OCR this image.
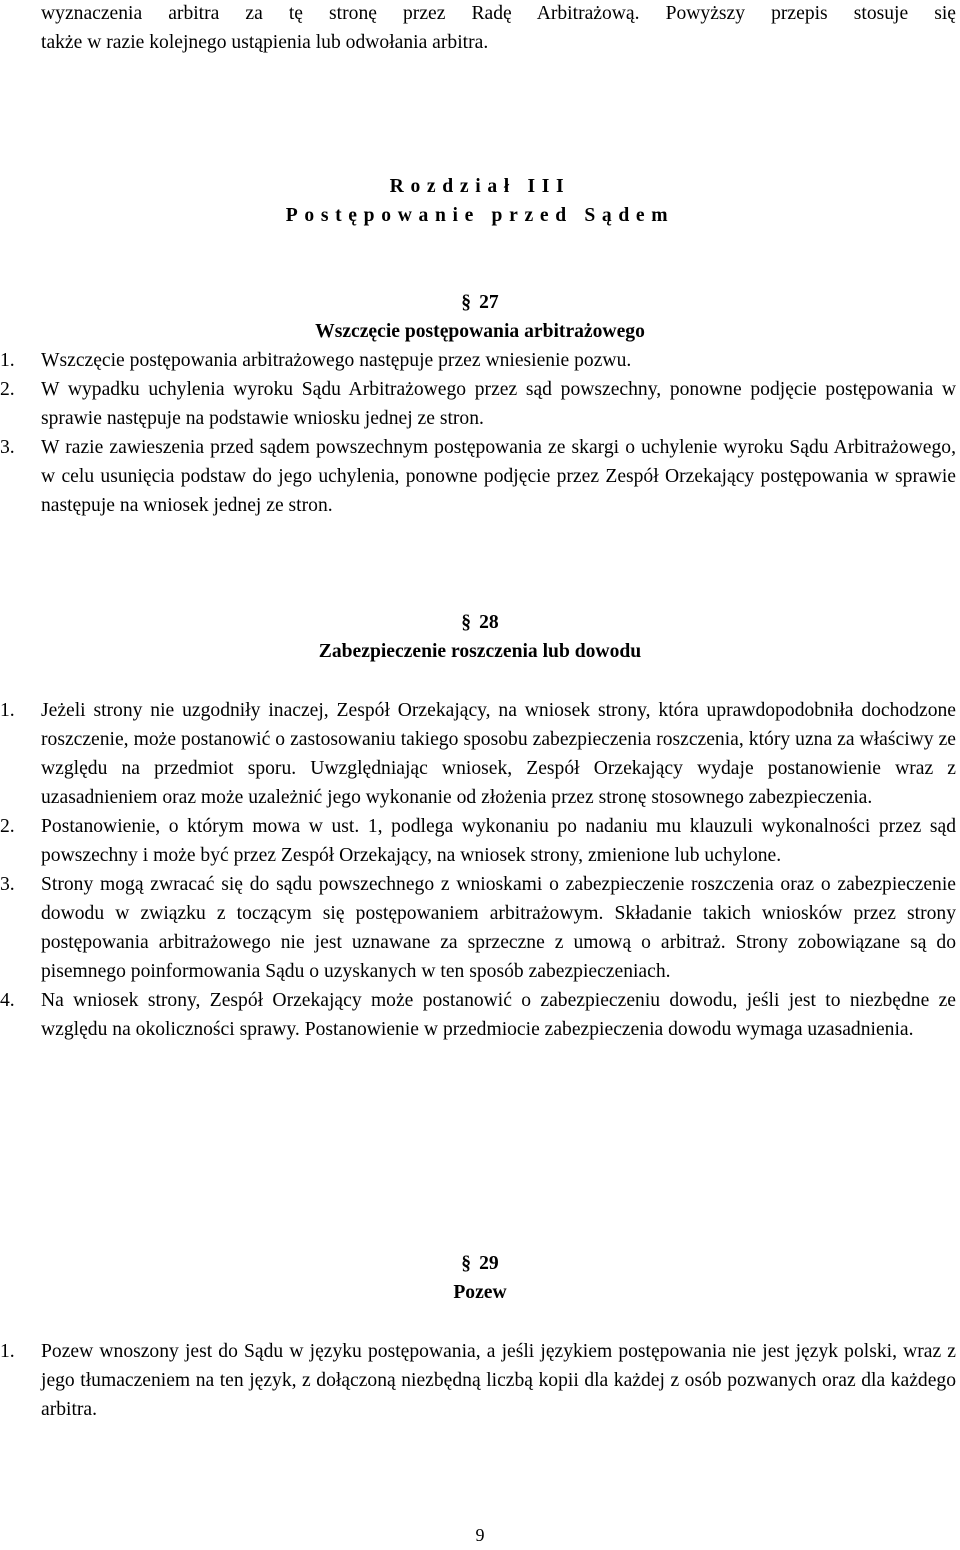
wyznaczenia arbitra za tę stronę przez Radę Arbitrażową. Powyższy przepis stosuje się
także w razie kolejnego ustąpienia lub odwołania arbitra.
Rozdział III
Postępowanie przed Sądem
§ 27
Wszczęcie postępowania arbitrażowego
1. Wszczęcie postępowania arbitrażowego następuje przez wniesienie pozwu.
2. W wypadku uchylenia wyroku Sądu Arbitrażowego przez sąd powszechny, ponowne podjęcie postępowania w sprawie następuje na podstawie wniosku jednej ze stron.
3. W razie zawieszenia przed sądem powszechnym postępowania ze skargi o uchylenie wyroku Sądu Arbitrażowego, w celu usunięcia podstaw do jego uchylenia, ponowne podjęcie przez Zespół Orzekający postępowania w sprawie następuje na wniosek jednej ze stron.
§ 28
Zabezpieczenie roszczenia lub dowodu
1. Jeżeli strony nie uzgodniły inaczej, Zespół Orzekający, na wniosek strony, która uprawdopodobniła dochodzone roszczenie, może postanowić o zastosowaniu takiego sposobu zabezpieczenia roszczenia, który uzna za właściwy ze względu na przedmiot sporu. Uwzględniając wniosek, Zespół Orzekający wydaje postanowienie wraz z uzasadnieniem oraz może uzależnić jego wykonanie od złożenia przez stronę stosownego zabezpieczenia.
2. Postanowienie, o którym mowa w ust. 1, podlega wykonaniu po nadaniu mu klauzuli wykonalności przez sąd powszechny i może być przez Zespół Orzekający, na wniosek strony, zmienione lub uchylone.
3. Strony mogą zwracać się do sądu powszechnego z wnioskami o zabezpieczenie roszczenia oraz o zabezpieczenie dowodu w związku z toczącym się postępowaniem arbitrażowym. Składanie takich wniosków przez strony postępowania arbitrażowego nie jest uznawane za sprzeczne z umową o arbitraż. Strony zobowiązane są do pisemnego poinformowania Sądu o uzyskanych w ten sposób zabezpieczeniach.
4. Na wniosek strony, Zespół Orzekający może postanowić o zabezpieczeniu dowodu, jeśli jest to niezbędne ze względu na okoliczności sprawy. Postanowienie w przedmiocie zabezpieczenia dowodu wymaga uzasadnienia.
§ 29
Pozew
1. Pozew wnoszony jest do Sądu w języku postępowania, a jeśli językiem postępowania nie jest język polski, wraz z jego tłumaczeniem na ten język, z dołączoną niezbędną liczbą kopii dla każdej z osób pozwanych oraz dla każdego arbitra.
9
